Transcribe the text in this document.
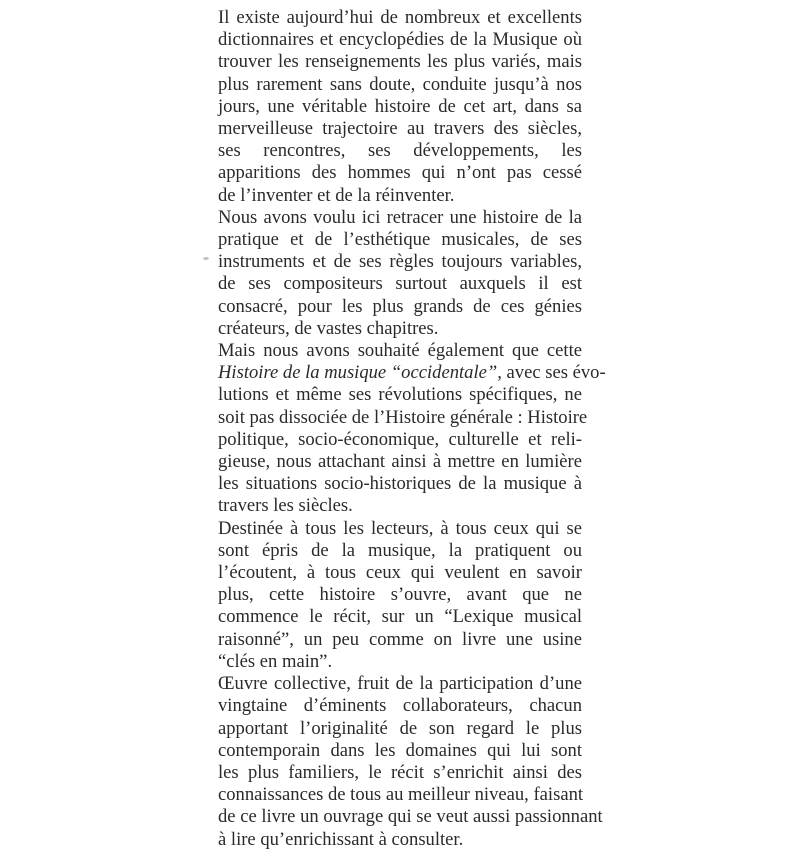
Il existe aujourd’hui de nombreux et excellents
dictionnaires et encyclopédies de la Musique où
trouver les renseignements les plus variés, mais
plus rarement sans doute, conduite jusqu’à nos
jours, une véritable histoire de cet art, dans sa
merveilleuse trajectoire au travers des siècles,
ses rencontres, ses développements, les
apparitions des hommes qui n’ont pas cessé
de l’inventer et de la réinventer.

Nous avons voulu ici retracer une histoire de la
pratique et de l’esthétique musicales, de ses
instruments et de ses règles toujours variables,
de ses compositeurs surtout auxquels il est
consacré, pour les plus grands de ces génies
créateurs, de vastes chapitres.

Mais nous avons souhaité également que cette
Histoire de la musique “occidentale”, avec ses évo-
lutions et même ses révolutions spécifiques, ne
soit pas dissociée de l’Histoire générale : Histoire
politique, socio-économique, culturelle et reli-
gieuse, nous attachant ainsi à mettre en lumière
les situations socio-historiques de la musique à
travers les siècles.

Destinée à tous les lecteurs, à tous ceux qui se
sont épris de la musique, la pratiquent ou
l’écoutent, à tous ceux qui veulent en savoir
plus, cette histoire s’ouvre, avant que ne
commence le récit, sur un “Lexique musical
raisonné”, un peu comme on livre une usine
“clés en main”.

Œuvre collective, fruit de la participation d’une
vingtaine d’éminents collaborateurs, chacun
apportant l’originalité de son regard le plus
contemporain dans les domaines qui lui sont
les plus familiers, le récit s’enrichit ainsi des
connaissances de tous au meilleur niveau, faisant
de ce livre un ouvrage qui se veut aussi passionnant
à lire qu’enrichissant à consulter.
